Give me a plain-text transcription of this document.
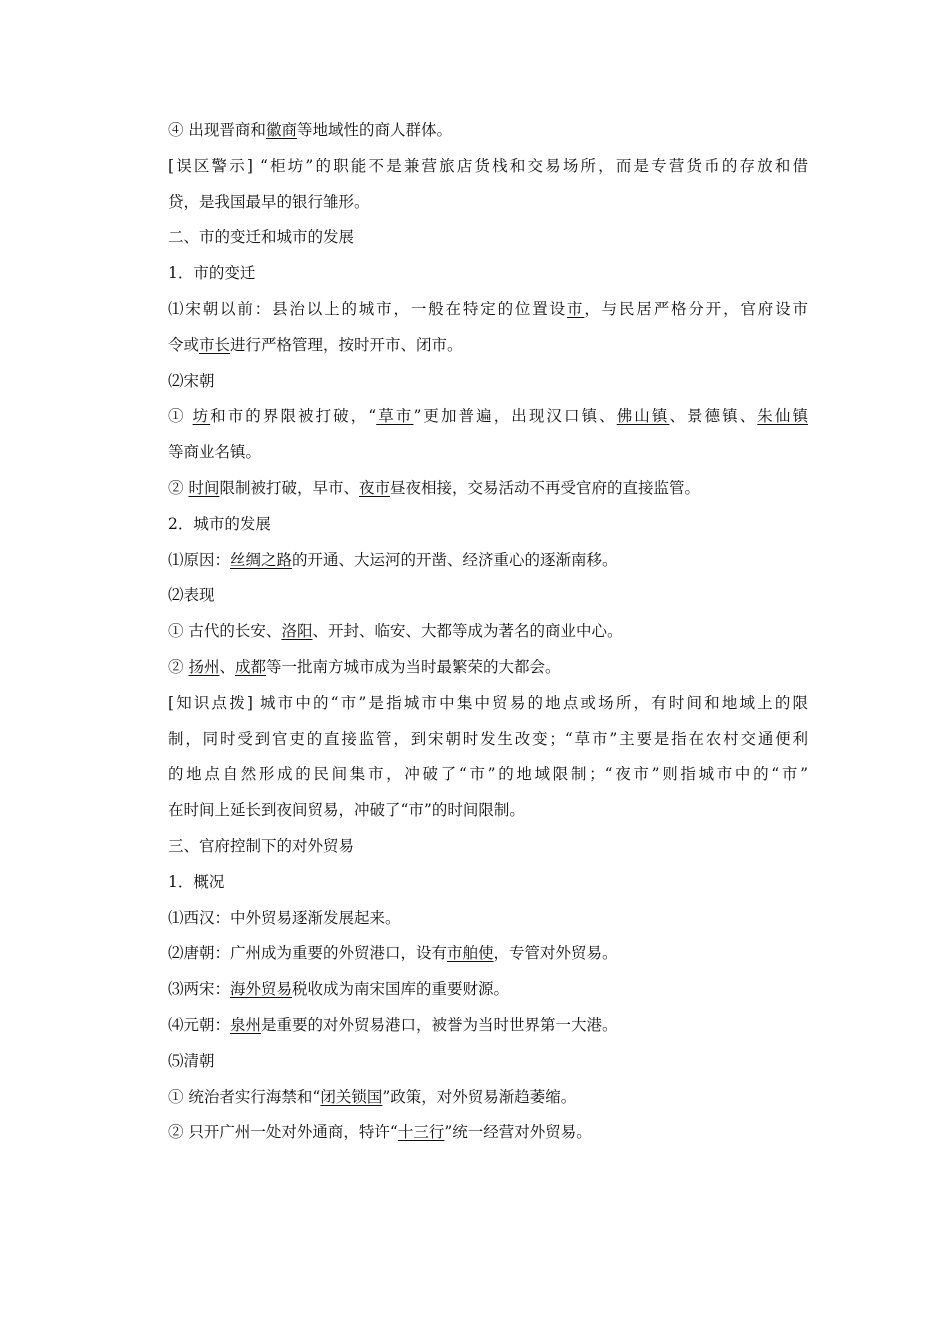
④ 出现晋商和徽商等地域性的商人群体。
[误区警示] “柜坊”的职能不是兼营旅店货栈和交易场所，而是专营货币的存放和借
贷，是我国最早的银行雏形。
二、市的变迁和城市的发展
1．市的变迁
⑴宋朝以前：县治以上的城市，一般在特定的位置设市，与民居严格分开，官府设市
令或市长进行严格管理，按时开市、闭市。
⑵宋朝
① 坊和市的界限被打破，“草市”更加普遍，出现汉口镇、佛山镇、景德镇、朱仙镇
等商业名镇。
② 时间限制被打破，早市、夜市昼夜相接，交易活动不再受官府的直接监管。
2．城市的发展
⑴原因：丝绸之路的开通、大运河的开凿、经济重心的逐渐南移。
⑵表现
① 古代的长安、洛阳、开封、临安、大都等成为著名的商业中心。
② 扬州、成都等一批南方城市成为当时最繁荣的大都会。
[知识点拨] 城市中的“市”是指城市中集中贸易的地点或场所，有时间和地域上的限
制，同时受到官吏的直接监管，到宋朝时发生改变；“草市”主要是指在农村交通便利
的地点自然形成的民间集市，冲破了“市”的地域限制；“夜市”则指城市中的“市”
在时间上延长到夜间贸易，冲破了“市”的时间限制。
三、官府控制下的对外贸易
1．概况
⑴西汉：中外贸易逐渐发展起来。
⑵唐朝：广州成为重要的外贸港口，设有市舶使，专管对外贸易。
⑶两宋：海外贸易税收成为南宋国库的重要财源。
⑷元朝：泉州是重要的对外贸易港口，被誉为当时世界第一大港。
⑸清朝
① 统治者实行海禁和“闭关锁国”政策，对外贸易渐趋萎缩。
② 只开广州一处对外通商，特许“十三行”统一经营对外贸易。
